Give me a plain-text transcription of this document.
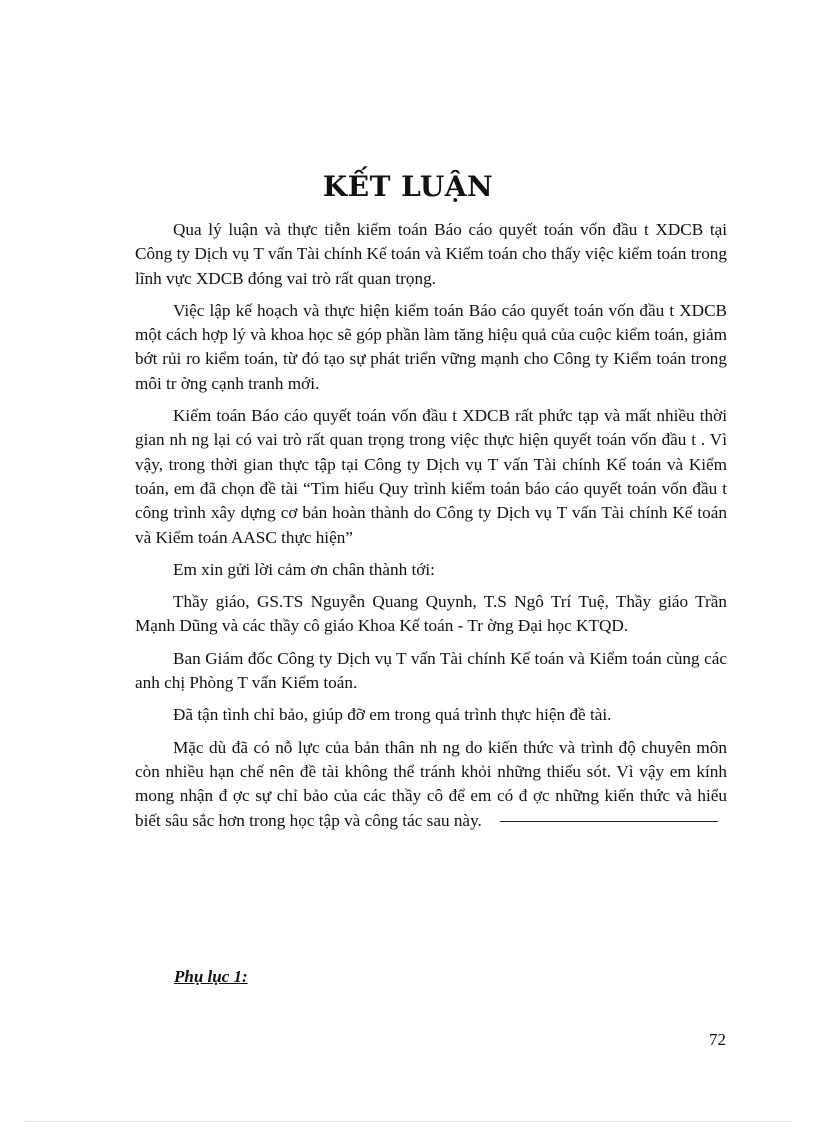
KẾT LUẬN

Qua lý luận và thực tiễn kiểm toán Báo cáo quyết toán vốn đầu t XDCB tại Công ty Dịch vụ T vấn Tài chính Kế toán và Kiểm toán cho thấy việc kiểm toán trong lĩnh vực XDCB đóng vai trò rất quan trọng.

Việc lập kế hoạch và thực hiện kiểm toán Báo cáo quyết toán vốn đầu t XDCB một cách hợp lý và khoa học sẽ góp phần làm tăng hiệu quả của cuộc kiểm toán, giảm bớt rủi ro kiểm toán, từ đó tạo sự phát triển vững mạnh cho Công ty Kiểm toán trong môi tr ờng cạnh tranh mới.

Kiểm toán Báo cáo quyết toán vốn đầu t XDCB rất phức tạp và mất nhiều thời gian nh ng lại có vai trò rất quan trọng trong việc thực hiện quyết toán vốn đầu t . Vì vậy, trong thời gian thực tập tại Công ty Dịch vụ T vấn Tài chính Kế toán và Kiểm toán, em đã chọn đề tài “Tìm hiểu Quy trình kiểm toán báo cáo quyết toán vốn đầu t công trình xây dựng cơ bản hoàn thành do Công ty Dịch vụ T vấn Tài chính Kế toán và Kiểm toán AASC thực hiện”

Em xin gửi lời cảm ơn chân thành tới:

Thầy giáo, GS.TS Nguyễn Quang Quynh, T.S Ngô Trí Tuệ, Thầy giáo Trần Mạnh Dũng và các thầy cô giáo Khoa Kế toán - Tr ờng Đại học KTQD.

Ban Giám đốc Công ty Dịch vụ T vấn Tài chính Kế toán và Kiểm toán cùng các anh chị Phòng T vấn Kiểm toán.

Đã tận tình chỉ bảo, giúp đỡ em trong quá trình thực hiện đề tài.

Mặc dù đã có nỗ lực của bản thân nh ng do kiến thức và trình độ chuyên môn còn nhiều hạn chế nên đề tài không thể tránh khỏi những thiếu sót. Vì vậy em kính mong nhận đ ợc sự chỉ bảo của các thầy cô để em có đ ợc những kiến thức và hiểu biết sâu sắc hơn trong học tập và công tác sau này.

Phụ lục 1:
72
